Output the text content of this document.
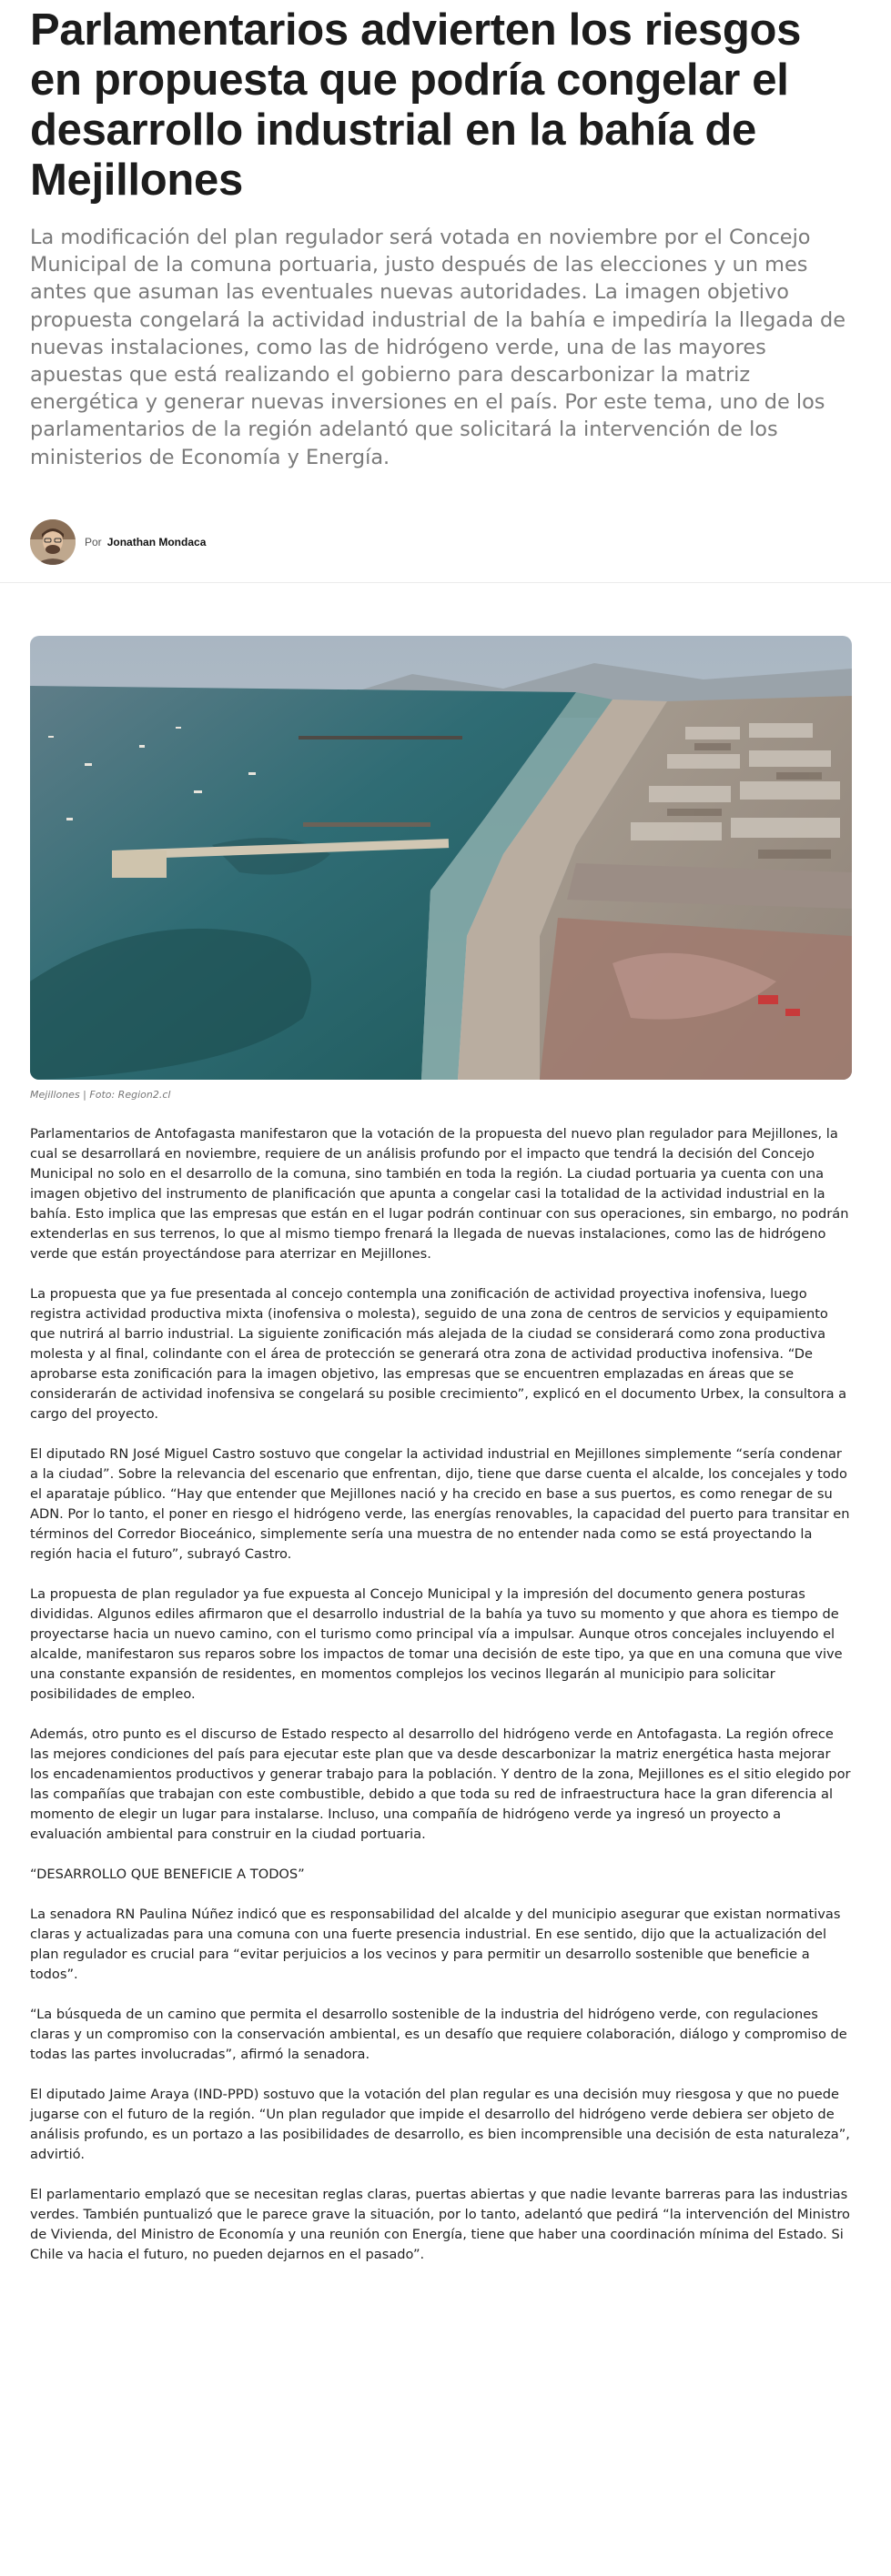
Parlamentarios advierten los riesgos en propuesta que podría congelar el desarrollo industrial en la bahía de Mejillones

La modificación del plan regulador será votada en noviembre por el Concejo Municipal de la comuna portuaria, justo después de las elecciones y un mes antes que asuman las eventuales nuevas autoridades. La imagen objetivo propuesta congelará la actividad industrial de la bahía e impediría la llegada de nuevas instalaciones, como las de hidrógeno verde, una de las mayores apuestas que está realizando el gobierno para descarbonizar la matriz energética y generar nuevas inversiones en el país. Por este tema, uno de los parlamentarios de la región adelantó que solicitará la intervención de los ministerios de Economía y Energía.

Por Jonathan Mondaca
Mejillones | Foto: Region2.cl

Parlamentarios de Antofagasta manifestaron que la votación de la propuesta del nuevo plan regulador para Mejillones, la cual se desarrollará en noviembre, requiere de un análisis profundo por el impacto que tendrá la decisión del Concejo Municipal no solo en el desarrollo de la comuna, sino también en toda la región. La ciudad portuaria ya cuenta con una imagen objetivo del instrumento de planificación que apunta a congelar casi la totalidad de la actividad industrial en la bahía. Esto implica que las empresas que están en el lugar podrán continuar con sus operaciones, sin embargo, no podrán extenderlas en sus terrenos, lo que al mismo tiempo frenará la llegada de nuevas instalaciones, como las de hidrógeno verde que están proyectándose para aterrizar en Mejillones.

La propuesta que ya fue presentada al concejo contempla una zonificación de actividad proyectiva inofensiva, luego registra actividad productiva mixta (inofensiva o molesta), seguido de una zona de centros de servicios y equipamiento que nutrirá al barrio industrial. La siguiente zonificación más alejada de la ciudad se considerará como zona productiva molesta y al final, colindante con el área de protección se generará otra zona de actividad productiva inofensiva. “De aprobarse esta zonificación para la imagen objetivo, las empresas que se encuentren emplazadas en áreas que se considerarán de actividad inofensiva se congelará su posible crecimiento”, explicó en el documento Urbex, la consultora a cargo del proyecto.

El diputado RN José Miguel Castro sostuvo que congelar la actividad industrial en Mejillones simplemente “sería condenar a la ciudad”. Sobre la relevancia del escenario que enfrentan, dijo, tiene que darse cuenta el alcalde, los concejales y todo el aparataje público. “Hay que entender que Mejillones nació y ha crecido en base a sus puertos, es como renegar de su ADN. Por lo tanto, el poner en riesgo el hidrógeno verde, las energías renovables, la capacidad del puerto para transitar en términos del Corredor Bioceánico, simplemente sería una muestra de no entender nada como se está proyectando la región hacia el futuro”, subrayó Castro.

La propuesta de plan regulador ya fue expuesta al Concejo Municipal y la impresión del documento genera posturas divididas. Algunos ediles afirmaron que el desarrollo industrial de la bahía ya tuvo su momento y que ahora es tiempo de proyectarse hacia un nuevo camino, con el turismo como principal vía a impulsar. Aunque otros concejales incluyendo el alcalde, manifestaron sus reparos sobre los impactos de tomar una decisión de este tipo, ya que en una comuna que vive una constante expansión de residentes, en momentos complejos los vecinos llegarán al municipio para solicitar posibilidades de empleo.

Además, otro punto es el discurso de Estado respecto al desarrollo del hidrógeno verde en Antofagasta. La región ofrece las mejores condiciones del país para ejecutar este plan que va desde descarbonizar la matriz energética hasta mejorar los encadenamientos productivos y generar trabajo para la población. Y dentro de la zona, Mejillones es el sitio elegido por las compañías que trabajan con este combustible, debido a que toda su red de infraestructura hace la gran diferencia al momento de elegir un lugar para instalarse. Incluso, una compañía de hidrógeno verde ya ingresó un proyecto a evaluación ambiental para construir en la ciudad portuaria.

“DESARROLLO QUE BENEFICIE A TODOS”

La senadora RN Paulina Núñez indicó que es responsabilidad del alcalde y del municipio asegurar que existan normativas claras y actualizadas para una comuna con una fuerte presencia industrial. En ese sentido, dijo que la actualización del plan regulador es crucial para “evitar perjuicios a los vecinos y para permitir un desarrollo sostenible que beneficie a todos”.

“La búsqueda de un camino que permita el desarrollo sostenible de la industria del hidrógeno verde, con regulaciones claras y un compromiso con la conservación ambiental, es un desafío que requiere colaboración, diálogo y compromiso de todas las partes involucradas”, afirmó la senadora.

El diputado Jaime Araya (IND-PPD) sostuvo que la votación del plan regular es una decisión muy riesgosa y que no puede jugarse con el futuro de la región. “Un plan regulador que impide el desarrollo del hidrógeno verde debiera ser objeto de análisis profundo, es un portazo a las posibilidades de desarrollo, es bien incomprensible una decisión de esta naturaleza”, advirtió.

El parlamentario emplazó que se necesitan reglas claras, puertas abiertas y que nadie levante barreras para las industrias verdes. También puntualizó que le parece grave la situación, por lo tanto, adelantó que pedirá “la intervención del Ministro de Vivienda, del Ministro de Economía y una reunión con Energía, tiene que haber una coordinación mínima del Estado. Si Chile va hacia el futuro, no pueden dejarnos en el pasado”.
